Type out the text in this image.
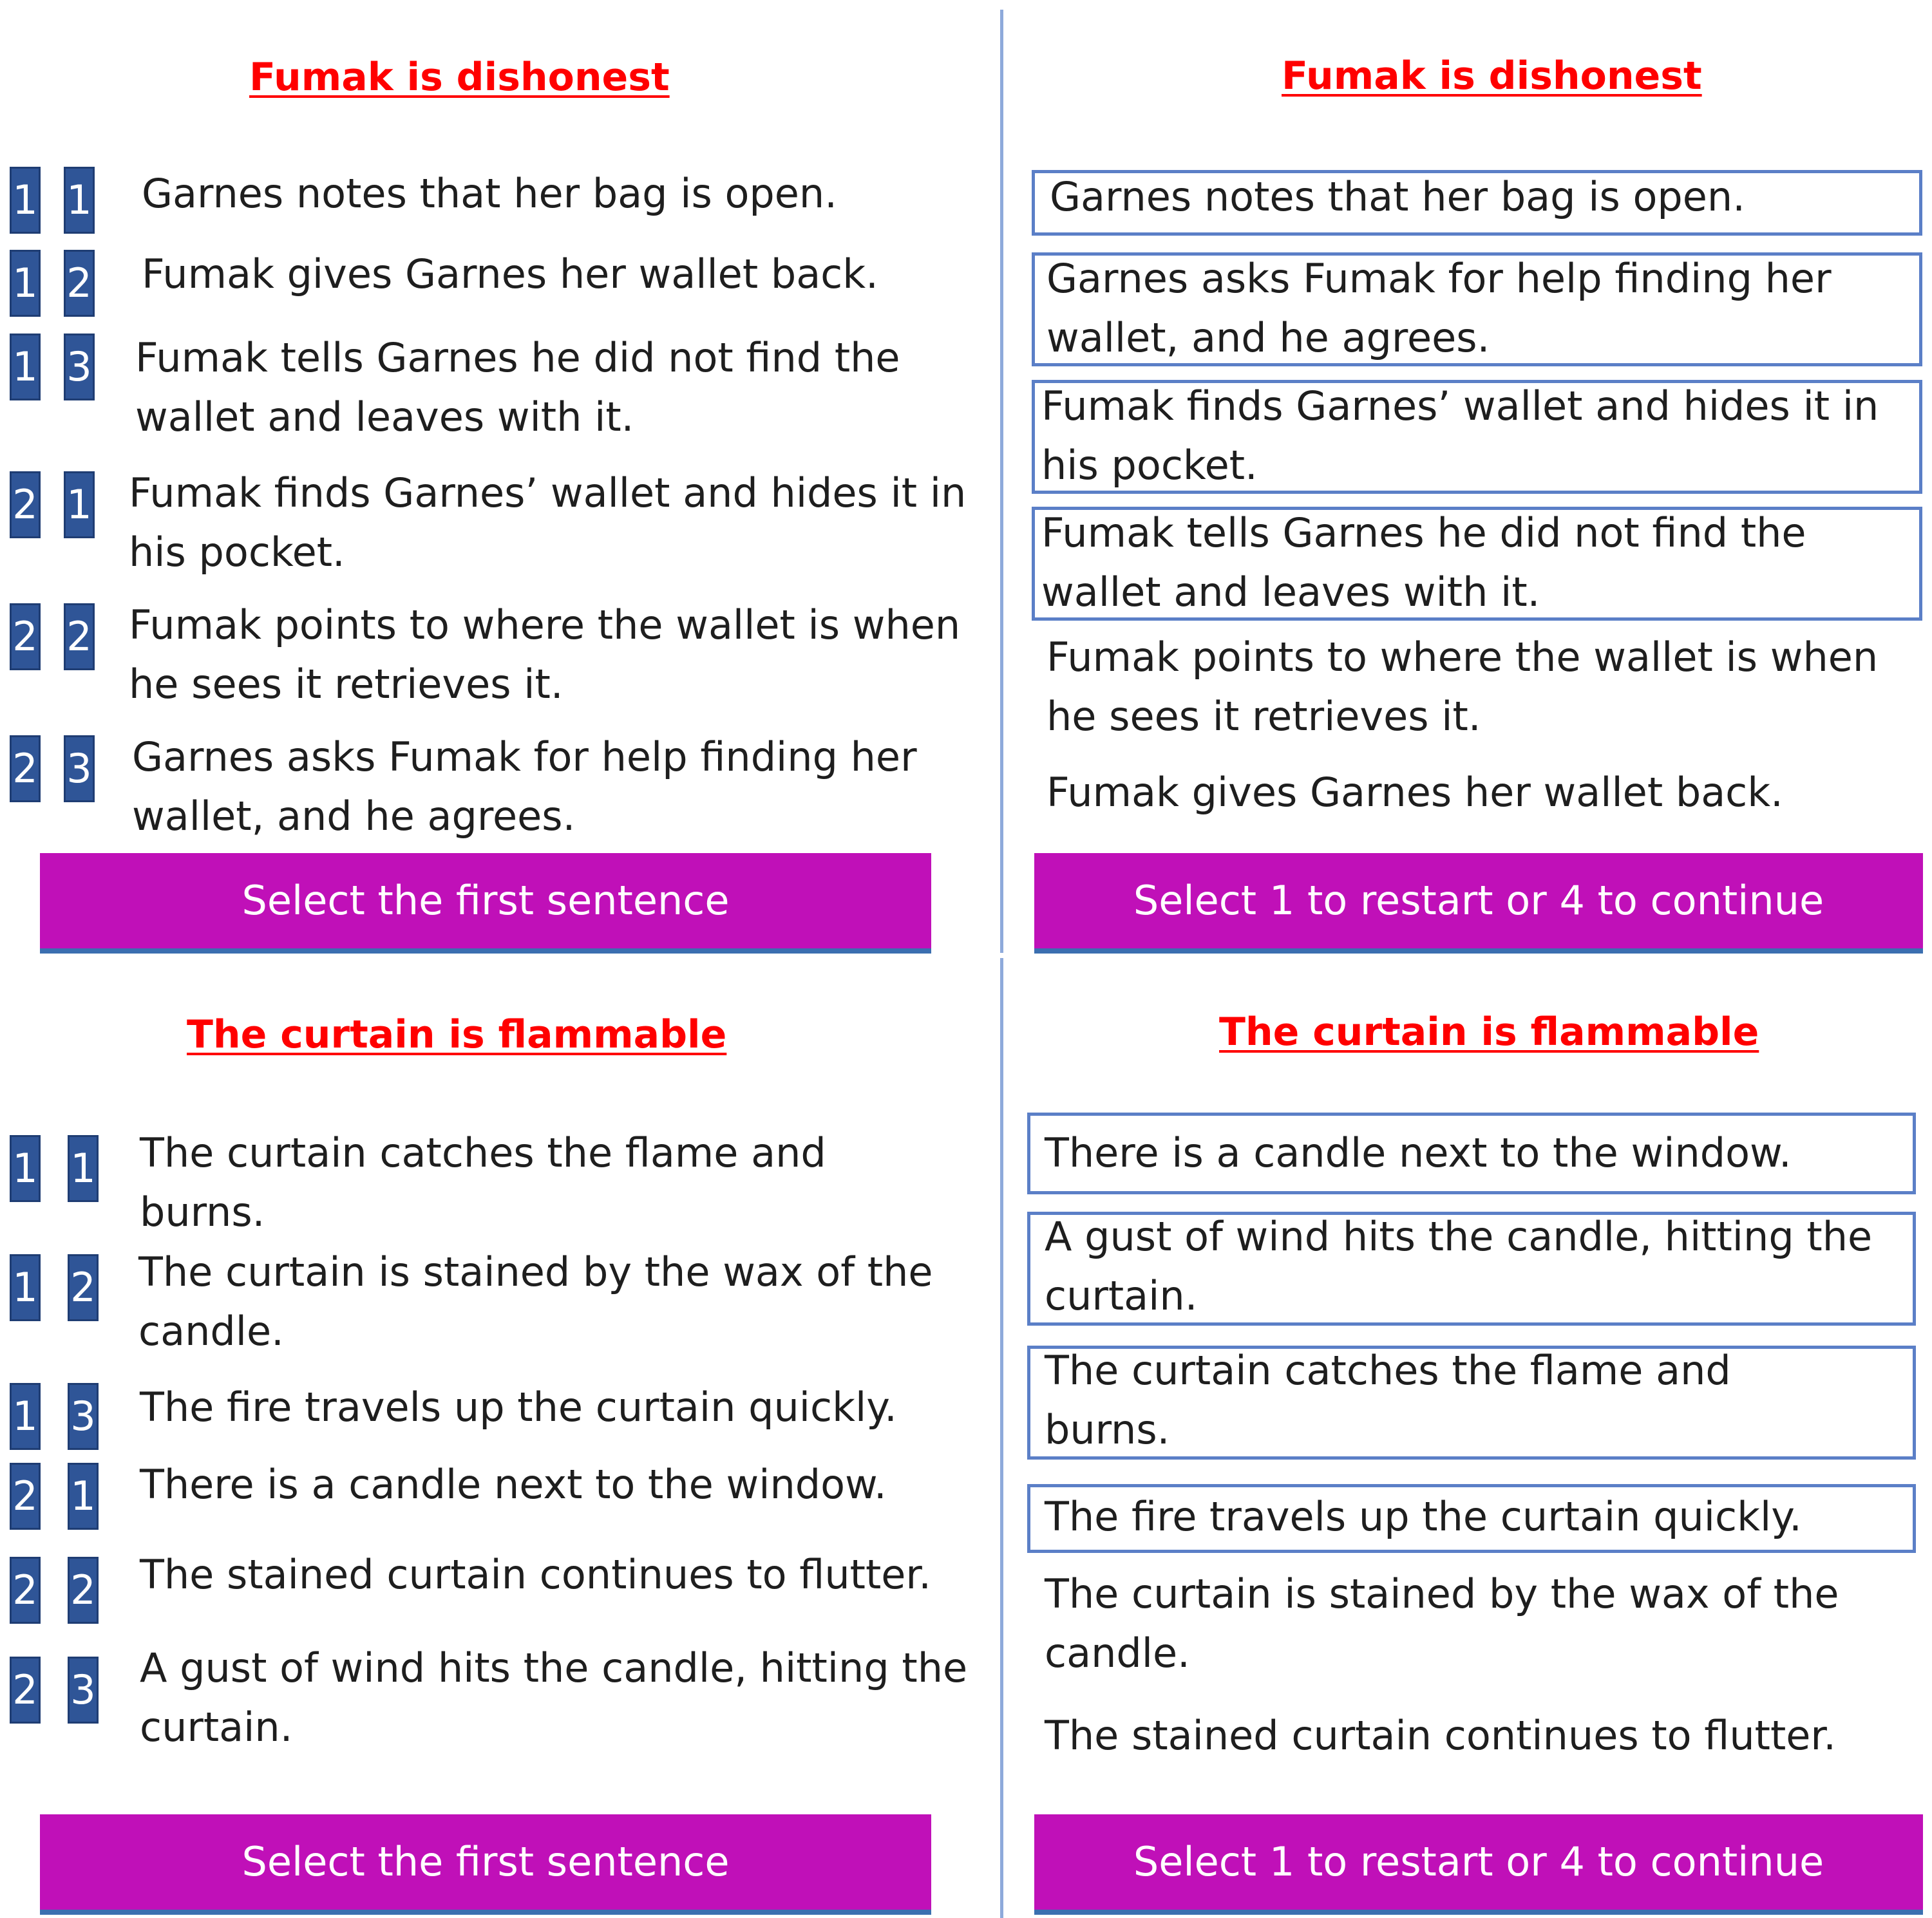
Fumak is dishonest
1 1 Garnes notes that her bag is open.
1 2 Fumak gives Garnes her wallet back.
1 3 Fumak tells Garnes he did not find the wallet and leaves with it.
2 1 Fumak finds Garnes’ wallet and hides it in his pocket.
2 2 Fumak points to where the wallet is when he sees it retrieves it.
2 3 Garnes asks Fumak for help finding her wallet, and he agrees.
Select the first sentence
Fumak is dishonest
Garnes notes that her bag is open.
Garnes asks Fumak for help finding her wallet, and he agrees.
Fumak finds Garnes’ wallet and hides it in his pocket.
Fumak tells Garnes he did not find the wallet and leaves with it.
Fumak points to where the wallet is when he sees it retrieves it.
Fumak gives Garnes her wallet back.
Select 1 to restart or 4 to continue
The curtain is flammable
1 1 The curtain catches the flame and burns.
1 2 The curtain is stained by the wax of the candle.
1 3 The fire travels up the curtain quickly.
2 1 There is a candle next to the window.
2 2 The stained curtain continues to flutter.
2 3 A gust of wind hits the candle, hitting the curtain.
Select the first sentence
The curtain is flammable
There is a candle next to the window.
A gust of wind hits the candle, hitting the curtain.
The curtain catches the flame and burns.
The fire travels up the curtain quickly.
The curtain is stained by the wax of the candle.
The stained curtain continues to flutter.
Select 1 to restart or 4 to continue
